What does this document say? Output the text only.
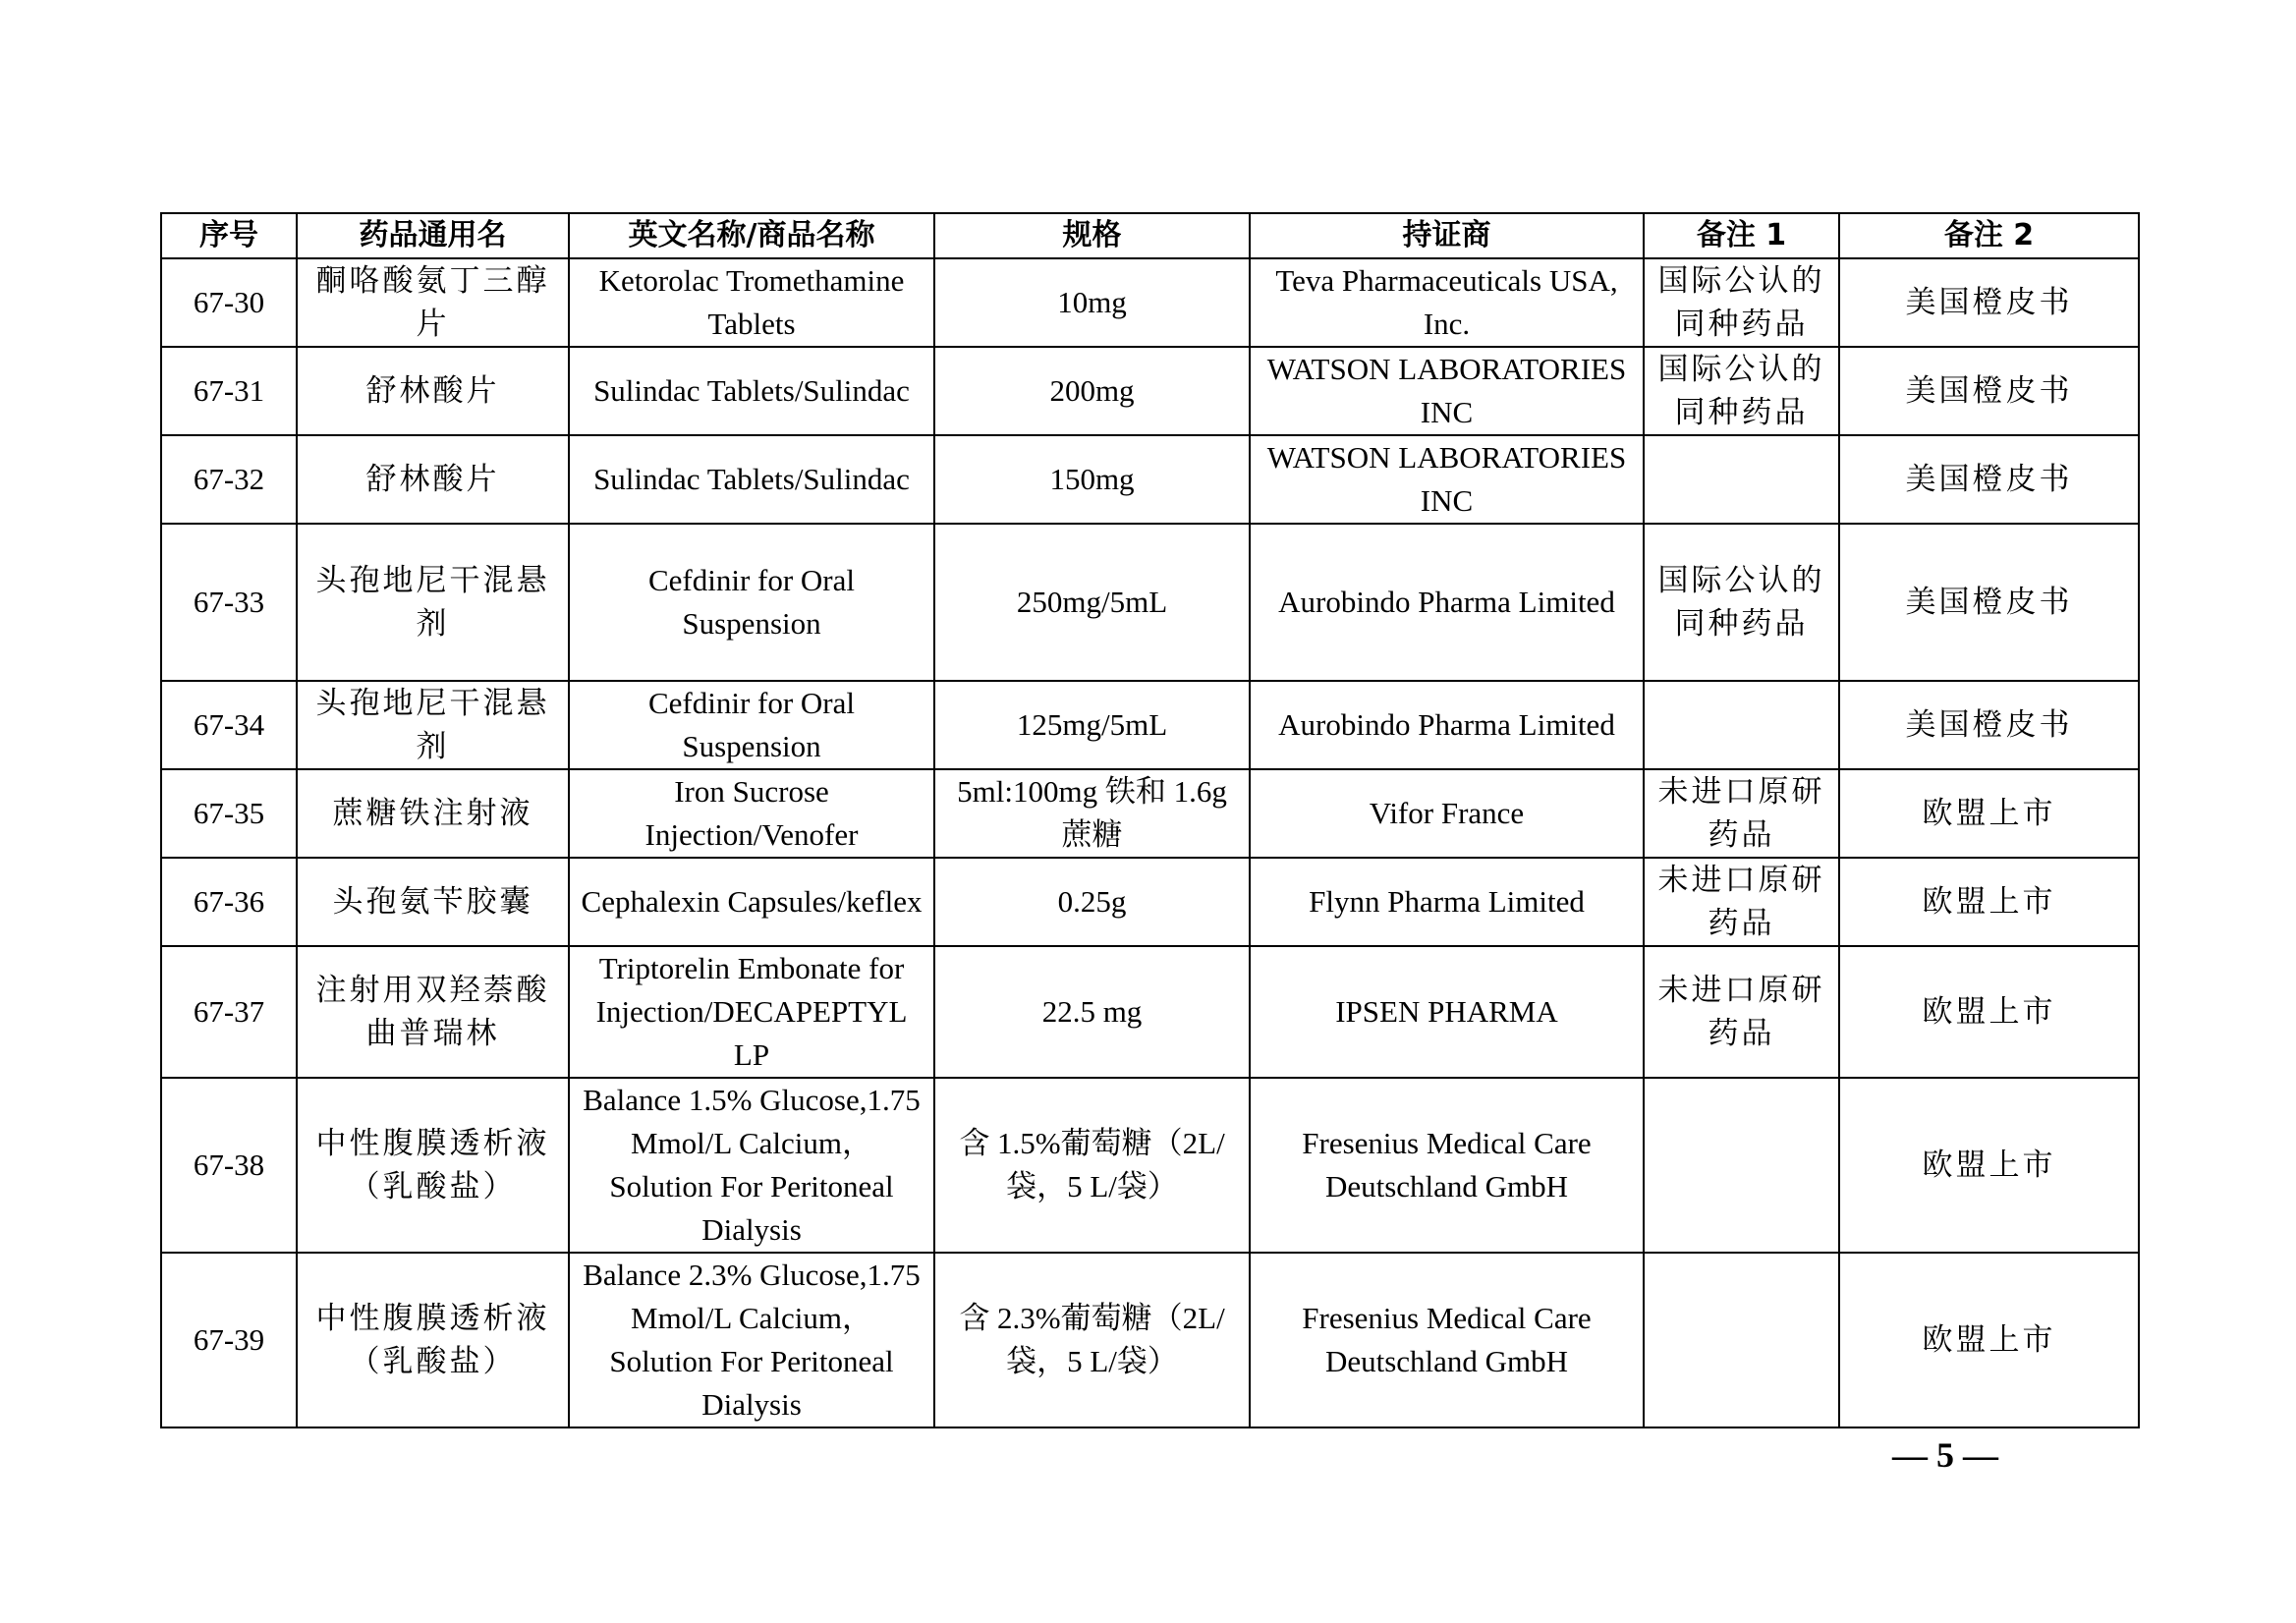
序号	药品通用名	英文名称/商品名称	规格	持证商	备注 1	备注 2
67-30	酮咯酸氨丁三醇片	Ketorolac Tromethamine Tablets	10mg	Teva Pharmaceuticals USA, Inc.	国际公认的同种药品	美国橙皮书
67-31	舒林酸片	Sulindac Tablets/Sulindac	200mg	WATSON LABORATORIES INC	国际公认的同种药品	美国橙皮书
67-32	舒林酸片	Sulindac Tablets/Sulindac	150mg	WATSON LABORATORIES INC		美国橙皮书
67-33	头孢地尼干混悬剂	Cefdinir for Oral Suspension	250mg/5mL	Aurobindo Pharma Limited	国际公认的同种药品	美国橙皮书
67-34	头孢地尼干混悬剂	Cefdinir for Oral Suspension	125mg/5mL	Aurobindo Pharma Limited		美国橙皮书
67-35	蔗糖铁注射液	Iron Sucrose Injection/Venofer	5ml:100mg 铁和 1.6g 蔗糖	Vifor France	未进口原研药品	欧盟上市
67-36	头孢氨苄胶囊	Cephalexin Capsules/keflex	0.25g	Flynn Pharma Limited	未进口原研药品	欧盟上市
67-37	注射用双羟萘酸曲普瑞林	Triptorelin Embonate for Injection/DECAPEPTYL LP	22.5 mg	IPSEN PHARMA	未进口原研药品	欧盟上市
67-38	中性腹膜透析液（乳酸盐）	Balance 1.5% Glucose,1.75 Mmol/L Calcium， Solution For Peritoneal Dialysis	含 1.5%葡萄糖（2L/袋，5 L/袋）	Fresenius Medical Care Deutschland GmbH		欧盟上市
67-39	中性腹膜透析液（乳酸盐）	Balance 2.3% Glucose,1.75 Mmol/L Calcium， Solution For Peritoneal Dialysis	含 2.3%葡萄糖（2L/袋，5 L/袋）	Fresenius Medical Care Deutschland GmbH		欧盟上市
— 5 —
